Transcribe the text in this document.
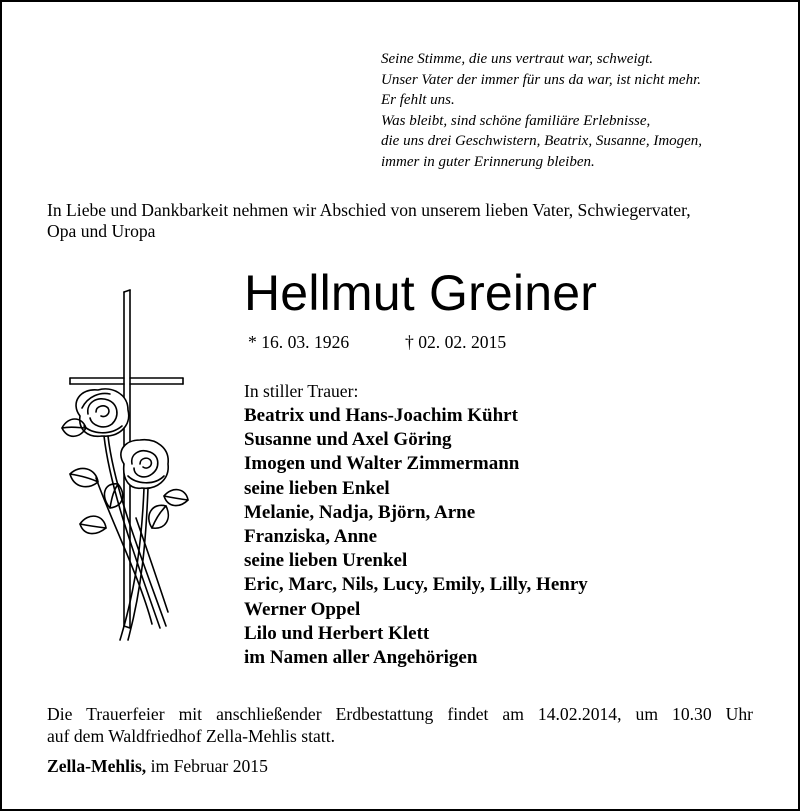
Seine Stimme, die uns vertraut war, schweigt.
Unser Vater der immer für uns da war, ist nicht mehr.
Er fehlt uns.
Was bleibt, sind schöne familiäre Erlebnisse,
die uns drei Geschwistern, Beatrix, Susanne, Imogen,
immer in guter Erinnerung bleiben.
In Liebe und Dankbarkeit nehmen wir Abschied von unserem lieben Vater, Schwiegervater,
Opa und Uropa
Hellmut Greiner
* 16. 03. 1926	† 02. 02. 2015
In stiller Trauer:
Beatrix und Hans-Joachim Kührt
Susanne und Axel Göring
Imogen und Walter Zimmermann
seine lieben Enkel
Melanie, Nadja, Björn, Arne
Franziska, Anne
seine lieben Urenkel
Eric, Marc, Nils, Lucy, Emily, Lilly, Henry
Werner Oppel
Lilo und Herbert Klett
im Namen aller Angehörigen
Die Trauerfeier mit anschließender Erdbestattung findet am 14.02.2014, um 10.30 Uhr
auf dem Waldfriedhof Zella-Mehlis statt.
Zella-Mehlis, im Februar 2015
